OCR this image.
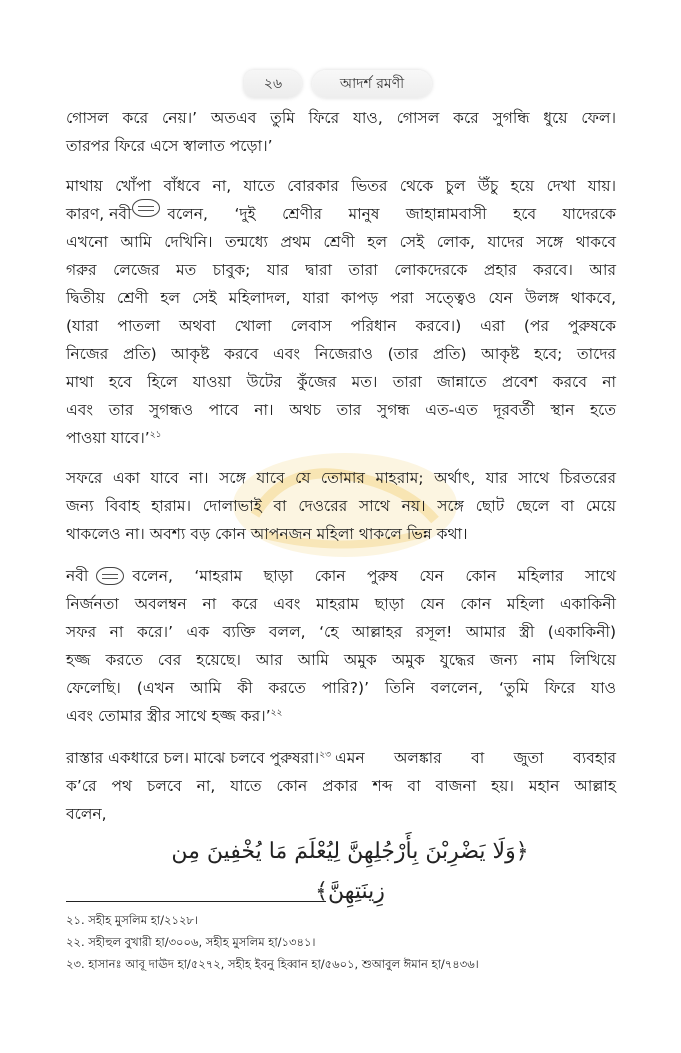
২৬	আদর্শ রমণী
গোসল করে নেয়।’ অতএব তুমি ফিরে যাও, গোসল করে সুগন্ধি ধুয়ে ফেল।
তারপর ফিরে এসে স্বালাত পড়ো।’
মাথায় খোঁপা বাঁধবে না, যাতে বোরকার ভিতর থেকে চুল উঁচু হয়ে দেখা যায়।
কারণ, নবী বলেন, ‘দুই শ্রেণীর মানুষ জাহান্নামবাসী হবে যাদেরকে
এখনো আমি দেখিনি। তন্মধ্যে প্রথম শ্রেণী হল সেই লোক, যাদের সঙ্গে থাকবে
গরুর লেজের মত চাবুক; যার দ্বারা তারা লোকদেরকে প্রহার করবে। আর
দ্বিতীয় শ্রেণী হল সেই মহিলাদল, যারা কাপড় পরা সত্ত্বেও যেন উলঙ্গ থাকবে,
(যারা পাতলা অথবা খোলা লেবাস পরিধান করবে।) এরা (পর পুরুষকে
নিজের প্রতি) আকৃষ্ট করবে এবং নিজেরাও (তার প্রতি) আকৃষ্ট হবে; তাদের
মাথা হবে হিলে যাওয়া উটের কুঁজের মত। তারা জান্নাতে প্রবেশ করবে না
এবং তার সুগন্ধও পাবে না। অথচ তার সুগন্ধ এত-এত দূরবর্তী স্থান হতে
পাওয়া যাবে।’$^{২১}$
সফরে একা যাবে না। সঙ্গে যাবে যে তোমার মাহরাম; অর্থাৎ, যার সাথে চিরতরের
জন্য বিবাহ হারাম। দোলাভাই বা দেওরের সাথে নয়। সঙ্গে ছোট ছেলে বা মেয়ে
থাকলেও না। অবশ্য বড় কোন আপনজন মহিলা থাকলে ভিন্ন কথা।
নবী	বলেন, ‘মাহরাম ছাড়া কোন পুরুষ যেন কোন মহিলার সাথে
নির্জনতা অবলম্বন না করে এবং মাহরাম ছাড়া যেন কোন মহিলা একাকিনী
সফর না করে।’ এক ব্যক্তি বলল, ‘হে আল্লাহর রসূল! আমার স্ত্রী (একাকিনী)
হজ্জ করতে বের হয়েছে। আর আমি অমুক অমুক যুদ্ধের জন্য নাম লিখিয়ে
ফেলেছি। (এখন আমি কী করতে পারি?)’ তিনি বললেন, ‘তুমি ফিরে যাও
এবং তোমার স্ত্রীর সাথে হজ্জ কর।’$^{২২}$
রাস্তার একধারে চল। মাঝে চলবে পুরুষরা। ২৩ এমন অলঙ্কার বা জুতা ব্যবহার
ক’রে পথ চলবে না, যাতে কোন প্রকার শব্দ বা বাজনা হয়। মহান আল্লাহ
বলেন,
﴿وَلَا يَضْرِبْنَ بِأَرْجُلِهِنَّ لِيُعْلَمَ مَا يُخْفِينَ مِن زِينَتِهِنَّ﴾
২১. সহীহ মুসলিম হা/২১২৮।
২২. সহীহুল বুখারী হা/৩০০৬, সহীহ মুসলিম হা/১৩৪১।
২৩. হাসানঃ আবূ দাঊদ হা/৫২৭২, সহীহ ইবনু হিব্বান হা/৫৬০১, শুআবুল ঈমান হা/৭৪৩৬।
